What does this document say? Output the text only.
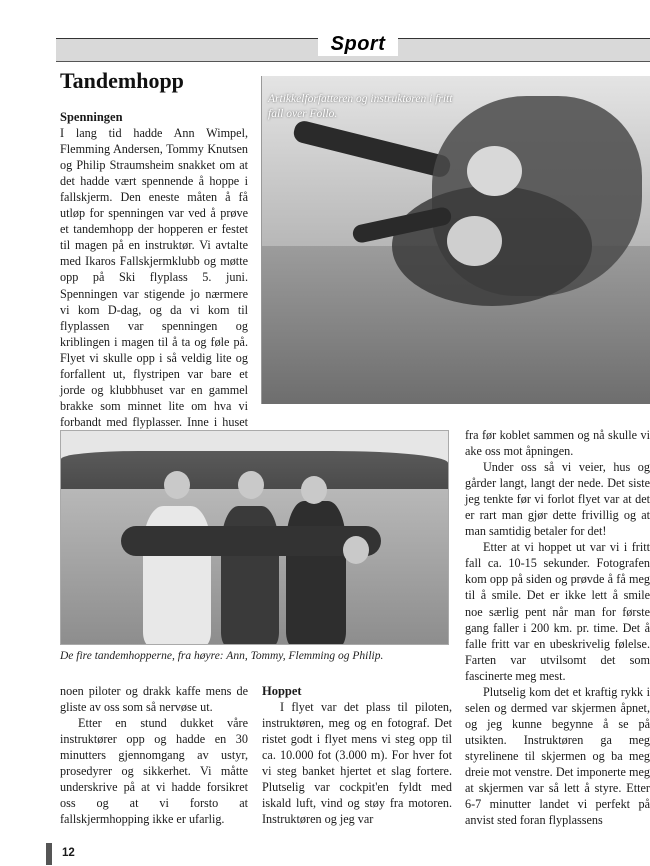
Sport
Tandemhopp
Spenningen
I lang tid hadde Ann Wimpel, Flemming Andersen, Tommy Knutsen og Philip Straumsheim snakket om at det hadde vært spennende å hoppe i fallskjerm. Den eneste måten å få utløp for spenningen var ved å prøve et tandemhopp der hopperen er festet til magen på en instruktør. Vi avtalte med Ikaros Fallskjermklubb og møtte opp på Ski flyplass 5. juni. Spenningen var stigende jo nærmere vi kom D-dag, og da vi kom til flyplassen var spenningen og kriblingen i magen til å ta og føle på. Flyet vi skulle opp i så veldig lite og forfallent ut, flystripen var bare et jorde og klubbhuset var en gammel brakke som minnet lite om hva vi forbandt med flyplasser. Inne i huset
Artikkelforfatteren og instruktøren i fritt fall over Follo.
De fire tandemhopperne, fra høyre: Ann, Tommy, Flemming og Philip.
noen piloter og drakk kaffe mens de gliste av oss som så nervøse ut.
Etter en stund dukket våre instruktører opp og hadde en 30 minutters gjennomgang av ustyr, prosedyrer og sikkerhet. Vi måtte underskrive på at vi hadde forsikret oss og at vi forsto at fallskjermhopping ikke er ufarlig.
Hoppet
I flyet var det plass til piloten, instruktøren, meg og en fotograf. Det ristet godt i flyet mens vi steg opp til ca. 10.000 fot (3.000 m). For hver fot vi steg banket hjertet et slag fortere. Plutselig var cockpit'en fyldt med iskald luft, vind og støy fra motoren. Instruktøren og jeg var
fra før koblet sammen og nå skulle vi ake oss mot åpningen.
Under oss så vi veier, hus og gårder langt, langt der nede. Det siste jeg tenkte før vi forlot flyet var at det er rart man gjør dette frivillig og at man samtidig betaler for det!
Etter at vi hoppet ut var vi i fritt fall ca. 10-15 sekunder. Fotografen kom opp på siden og prøvde å få meg til å smile. Det er ikke lett å smile noe særlig pent når man for første gang faller i 200 km. pr. time. Det å falle fritt var en ubeskrivelig følelse. Farten var utvilsomt det som fascinerte meg mest.
Plutselig kom det et kraftig rykk i selen og dermed var skjermen åpnet, og jeg kunne begynne å se på utsikten. Instruktøren ga meg styrelinene til skjermen og ba meg dreie mot venstre. Det imponerte meg at skjermen var så lett å styre. Etter 6-7 minutter landet vi perfekt på anvist sted foran flyplassens
12
